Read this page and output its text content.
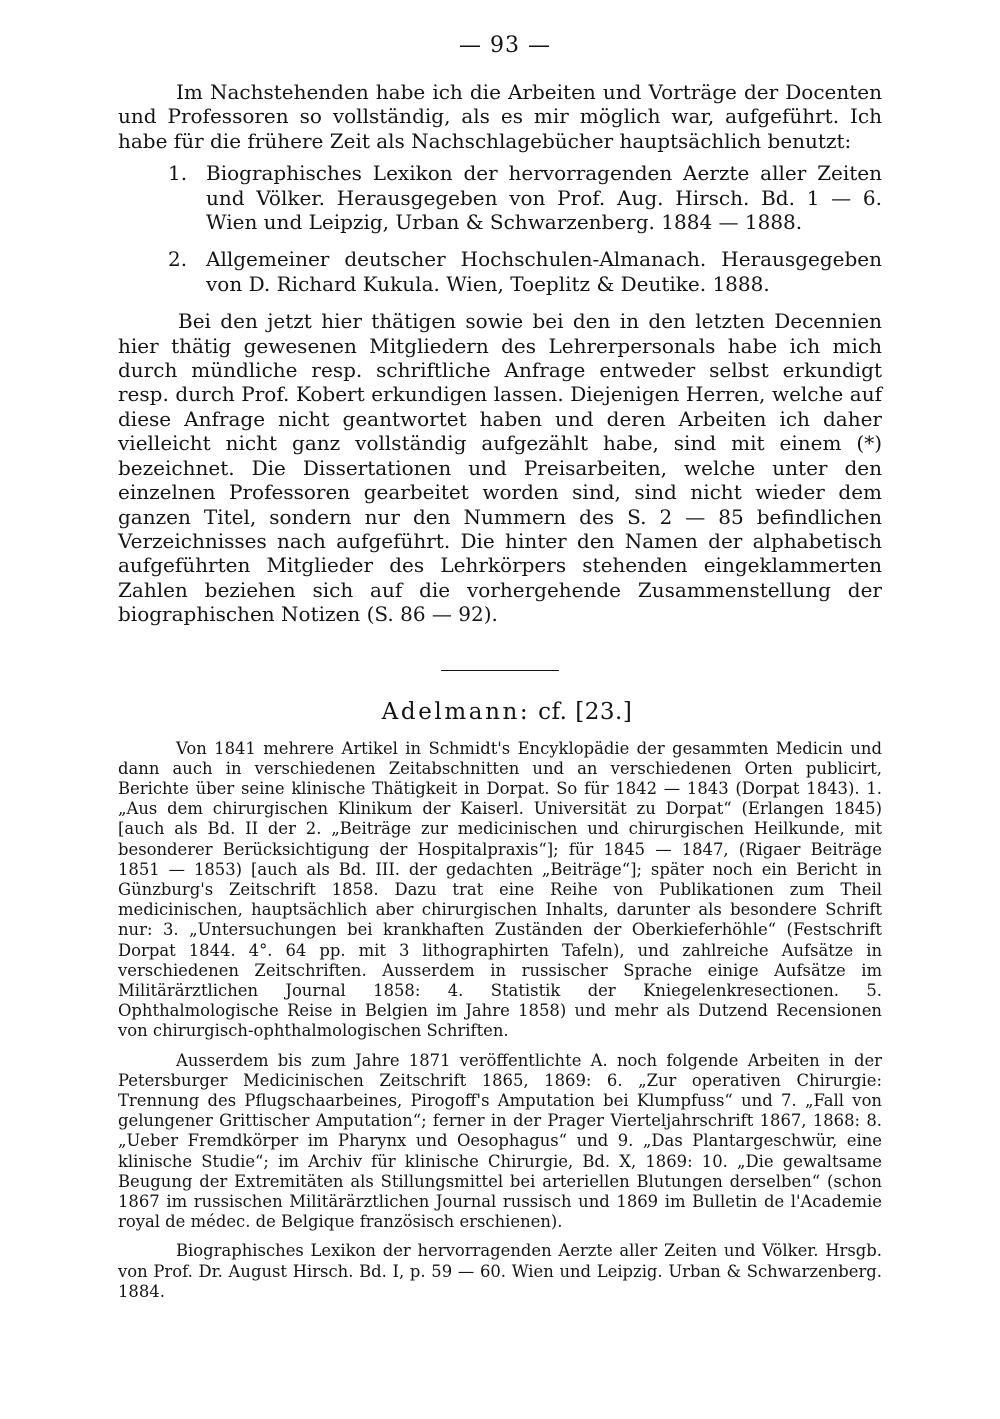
— 93 —

Im Nachstehenden habe ich die Arbeiten und Vorträge der Docenten und Professoren so vollständig, als es mir möglich war, aufgeführt. Ich habe für die frühere Zeit als Nachschlagebücher hauptsächlich benutzt:

1. Biographisches Lexikon der hervorragenden Aerzte aller Zeiten und Völker. Herausgegeben von Prof. Aug. Hirsch. Bd. 1 — 6. Wien und Leipzig, Urban & Schwarzenberg. 1884 — 1888.
2. Allgemeiner deutscher Hochschulen-Almanach. Herausgegeben von D. Richard Kukula. Wien, Toeplitz & Deutike. 1888.

Bei den jetzt hier thätigen sowie bei den in den letzten Decennien hier thätig gewesenen Mitgliedern des Lehrerpersonals habe ich mich durch mündliche resp. schriftliche Anfrage entweder selbst erkundigt resp. durch Prof. Kobert erkundigen lassen. Diejenigen Herren, welche auf diese Anfrage nicht geantwortet haben und deren Arbeiten ich daher vielleicht nicht ganz vollständig aufgezählt habe, sind mit einem (*) bezeichnet. Die Dissertationen und Preisarbeiten, welche unter den einzelnen Professoren gearbeitet worden sind, sind nicht wieder dem ganzen Titel, sondern nur den Nummern des S. 2 — 85 befindlichen Verzeichnisses nach aufgeführt. Die hinter den Namen der alphabetisch aufgeführten Mitglieder des Lehrkörpers stehenden eingeklammerten Zahlen beziehen sich auf die vorhergehende Zusammenstellung der biographischen Notizen (S. 86 — 92).

Adelmann: cf. [23.]

Von 1841 mehrere Artikel in Schmidt's Encyklopädie der gesammten Medicin und dann auch in verschiedenen Zeitabschnitten und an verschiedenen Orten publicirt, Berichte über seine klinische Thätigkeit in Dorpat. So für 1842 — 1843 (Dorpat 1843). 1. „Aus dem chirurgischen Klinikum der Kaiserl. Universität zu Dorpat“ (Erlangen 1845) [auch als Bd. II der 2. „Beiträge zur medicinischen und chirurgischen Heilkunde, mit besonderer Berücksichtigung der Hospitalpraxis“]; für 1845 — 1847, (Rigaer Beiträge 1851 — 1853) [auch als Bd. III. der gedachten „Beiträge“]; später noch ein Bericht in Günzburg's Zeitschrift 1858. Dazu trat eine Reihe von Publikationen zum Theil medicinischen, hauptsächlich aber chirurgischen Inhalts, darunter als besondere Schrift nur: 3. „Untersuchungen bei krankhaften Zuständen der Oberkieferhöhle“ (Festschrift Dorpat 1844. 4°. 64 pp. mit 3 lithographirten Tafeln), und zahlreiche Aufsätze in verschiedenen Zeitschriften. Ausserdem in russischer Sprache einige Aufsätze im Militärärztlichen Journal 1858: 4. Statistik der Kniegelenkresectionen. 5. Ophthalmologische Reise in Belgien im Jahre 1858) und mehr als Dutzend Recensionen von chirurgisch-ophthalmologischen Schriften.

Ausserdem bis zum Jahre 1871 veröffentlichte A. noch folgende Arbeiten in der Petersburger Medicinischen Zeitschrift 1865, 1869: 6. „Zur operativen Chirurgie: Trennung des Pflugschaarbeines, Pirogoff's Amputation bei Klumpfuss“ und 7. „Fall von gelungener Grittischer Amputation“; ferner in der Prager Vierteljahrschrift 1867, 1868: 8. „Ueber Fremdkörper im Pharynx und Oesophagus“ und 9. „Das Plantargeschwür, eine klinische Studie“; im Archiv für klinische Chirurgie, Bd. X, 1869: 10. „Die gewaltsame Beugung der Extremitäten als Stillungsmittel bei arteriellen Blutungen derselben“ (schon 1867 im russischen Militärärztlichen Journal russisch und 1869 im Bulletin de l'Academie royal de médec. de Belgique französisch erschienen).

Biographisches Lexikon der hervorragenden Aerzte aller Zeiten und Völker. Hrsgb. von Prof. Dr. August Hirsch. Bd. I, p. 59 — 60. Wien und Leipzig. Urban & Schwarzenberg. 1884.
